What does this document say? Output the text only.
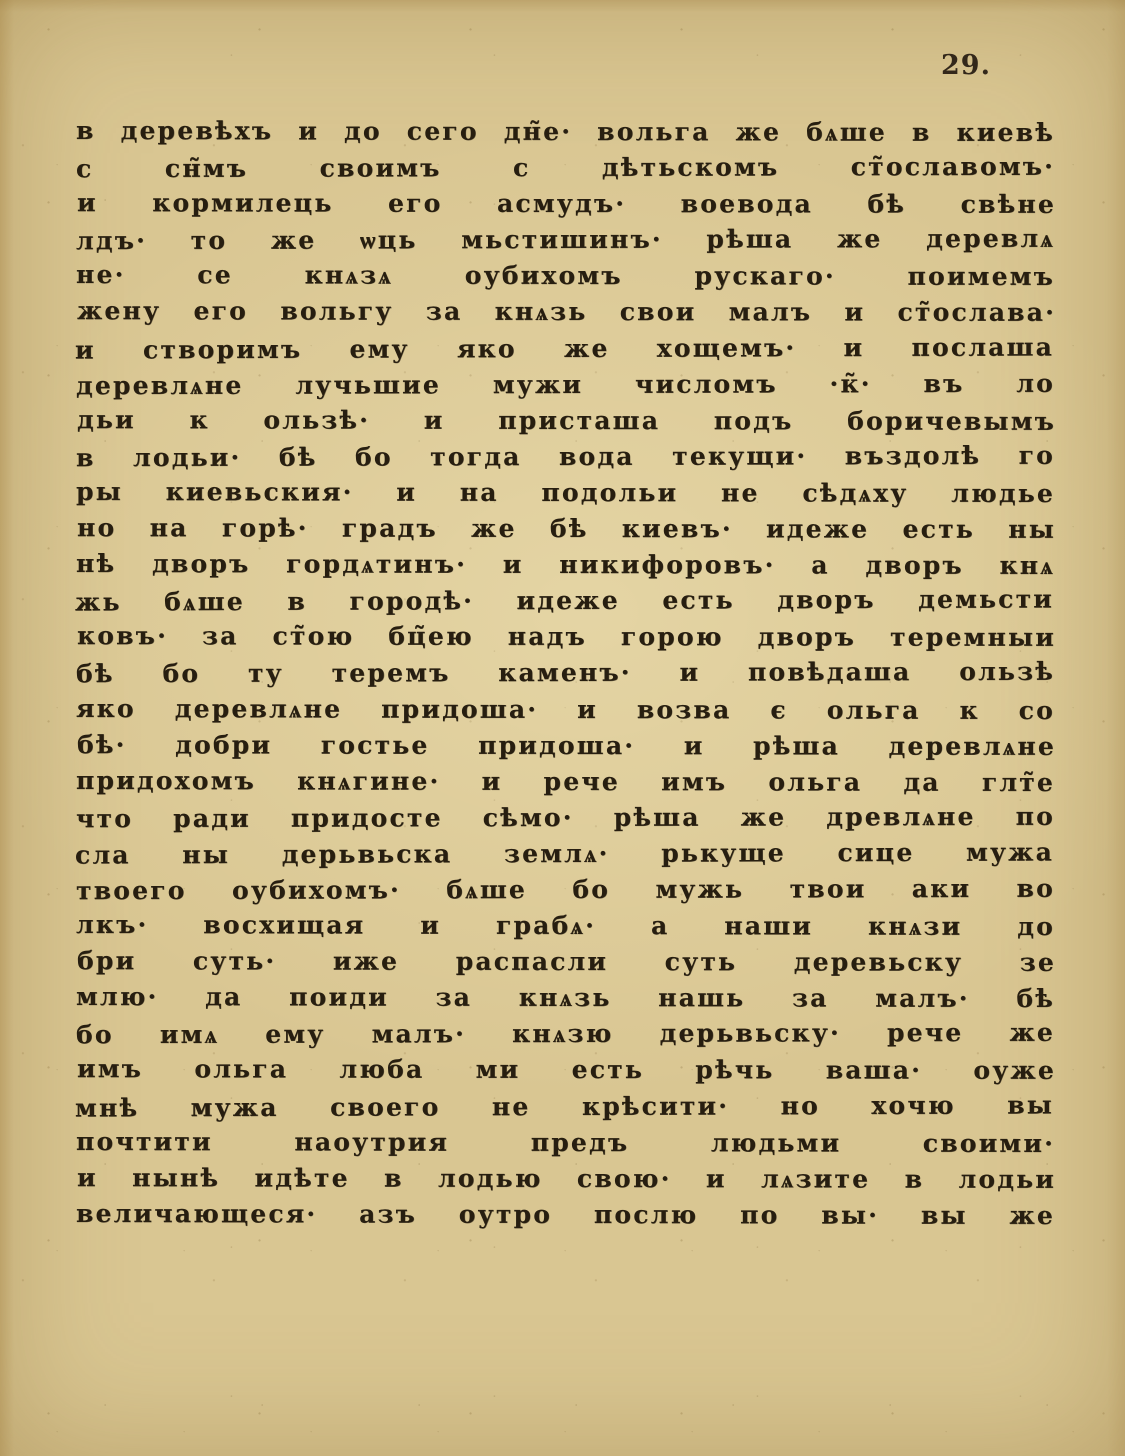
29.
в деревѣхъ и до сего дн̃е· вольга же бѧше в киевѣ
с сн̃мъ своимъ с дѣтьскомъ ст̃ославомъ·
и кормилець его асмудъ· воевода бѣ свѣне
лдъ· то же ѡць мьстишинъ· рѣша же деревлѧ
не· се кнѧзѧ оубихомъ рускаго· поимемъ
жену его вольгу за кнѧзь свои малъ и ст̃ослава·
и створимъ ему яко же хощемъ· и послаша
деревлѧне лучьшие мужи числомъ ·к̃· въ ло
дьи к ользѣ· и присташа подъ боричевымъ
в лодьи· бѣ бо тогда вода текущи· въздолѣ го
ры киевьския· и на подольи не сѣдѧху людье
но на горѣ· градъ же бѣ киевъ· идеже есть ны
нѣ дворъ гордѧтинъ· и никифоровъ· а дворъ кнѧ
жь бѧше в городѣ· идеже есть дворъ демьсти
ковъ· за ст̃ою бц̃ею надъ горою дворъ теремныи
бѣ бо ту теремъ каменъ· и повѣдаша ользѣ
яко деревлѧне придоша· и возва є ольга к со
бѣ· добри гостье придоша· и рѣша деревлѧне
придохомъ кнѧгине· и рече имъ ольга да глт̃е
что ради придосте сѣмо· рѣша же древлѧне по
сла ны дерьвьска землѧ· рькуще сице мужа
твоего оубихомъ· бѧше бо мужь твои аки во
лкъ· восхищая и грабѧ· а наши кнѧзи до
бри суть· иже распасли суть деревьску зе
млю· да поиди за кнѧзь нашь за малъ· бѣ
бо имѧ ему малъ· кнѧзю дерьвьску· рече же
имъ ольга люба ми есть рѣчь ваша· оуже
мнѣ мужа своего не крѣсити· но хочю вы
почтити наоутрия предъ людьми своими·
и нынѣ идѣте в лодью свою· и лѧзите в лодьи
величающеся· азъ оутро послю по вы· вы же
